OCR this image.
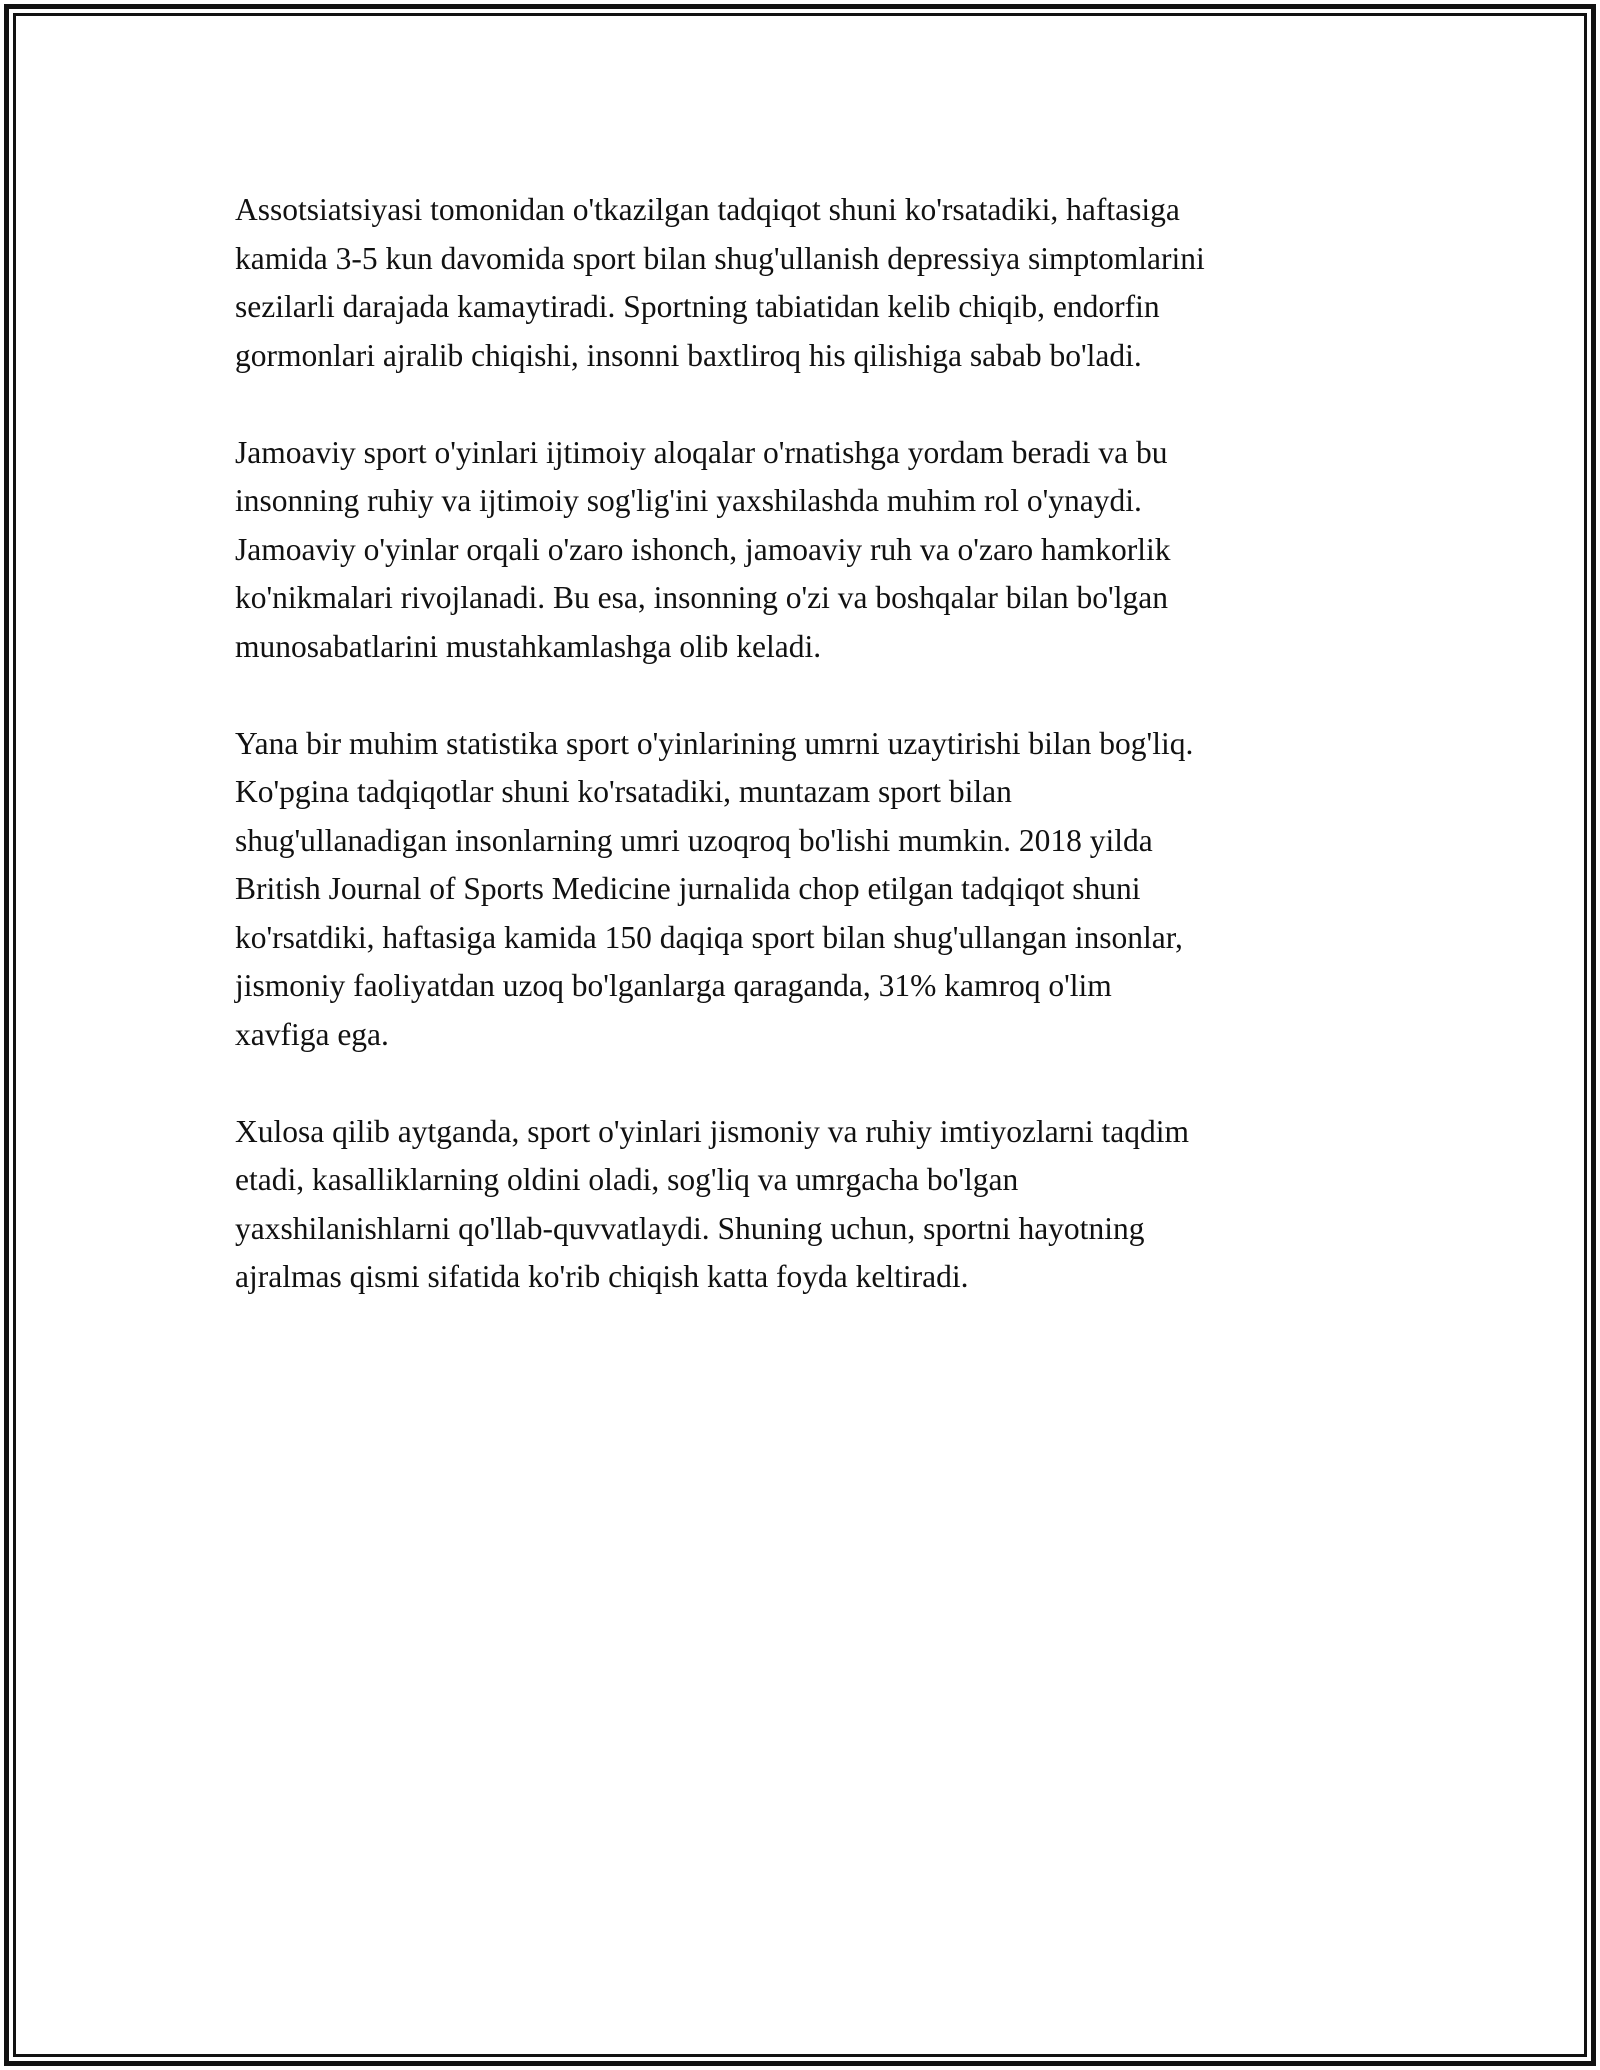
Assotsiatsiyasi tomonidan o'tkazilgan tadqiqot shuni ko'rsatadiki, haftasiga
kamida 3-5 kun davomida sport bilan shug'ullanish depressiya simptomlarini
sezilarli darajada kamaytiradi. Sportning tabiatidan kelib chiqib, endorfin
gormonlari ajralib chiqishi, insonni baxtliroq his qilishiga sabab bo'ladi.

Jamoaviy sport o'yinlari ijtimoiy aloqalar o'rnatishga yordam beradi va bu
insonning ruhiy va ijtimoiy sog'lig'ini yaxshilashda muhim rol o'ynaydi.
Jamoaviy o'yinlar orqali o'zaro ishonch, jamoaviy ruh va o'zaro hamkorlik
ko'nikmalari rivojlanadi. Bu esa, insonning o'zi va boshqalar bilan bo'lgan
munosabatlarini mustahkamlashga olib keladi.

Yana bir muhim statistika sport o'yinlarining umrni uzaytirishi bilan bog'liq.
Ko'pgina tadqiqotlar shuni ko'rsatadiki, muntazam sport bilan
shug'ullanadigan insonlarning umri uzoqroq bo'lishi mumkin. 2018 yilda
British Journal of Sports Medicine jurnalida chop etilgan tadqiqot shuni
ko'rsatdiki, haftasiga kamida 150 daqiqa sport bilan shug'ullangan insonlar,
jismoniy faoliyatdan uzoq bo'lganlarga qaraganda, 31% kamroq o'lim
xavfiga ega.

Xulosa qilib aytganda, sport o'yinlari jismoniy va ruhiy imtiyozlarni taqdim
etadi, kasalliklarning oldini oladi, sog'liq va umrgacha bo'lgan
yaxshilanishlarni qo'llab-quvvatlaydi. Shuning uchun, sportni hayotning
ajralmas qismi sifatida ko'rib chiqish katta foyda keltiradi.
